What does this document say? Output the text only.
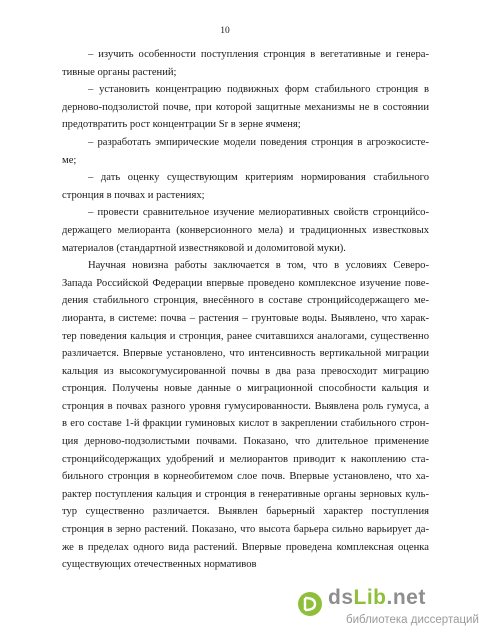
10
– изучить особенности поступления стронция в вегетативные и генера-
тивные органы растений;
– установить концентрацию подвижных форм стабильного стронция в
дерново-подзолистой почве, при которой защитные механизмы не в состоянии
предотвратить рост концентрации Sr в зерне ячменя;
– разработать эмпирические модели поведения стронция в агроэкосисте-
ме;
– дать оценку существующим критериям нормирования стабильного
стронция в почвах и растениях;
– провести сравнительное изучение мелиоративных свойств стронцийсо-
держащего мелиоранта (конверсионного мела) и традиционных известковых
материалов (стандартной известняковой и доломитовой муки).
Научная новизна работы заключается в том, что в условиях Северо-
Запада Российской Федерации впервые проведено комплексное изучение пове-
дения стабильного стронция, внесённого в составе стронцийсодержащего ме-
лиоранта, в системе: почва – растения – грунтовые воды. Выявлено, что харак-
тер поведения кальция и стронция, ранее считавшихся аналогами, существенно
различается. Впервые установлено, что интенсивность вертикальной миграции
кальция из высокогумусированной почвы в два раза превосходит миграцию
стронция. Получены новые данные о миграционной способности кальция и
стронция в почвах разного уровня гумусированности. Выявлена роль гумуса, а
в его составе 1-й фракции гуминовых кислот в закреплении стабильного строн-
ция дерново-подзолистыми почвами. Показано, что длительное применение
стронцийсодержащих удобрений и мелиорантов приводит к накоплению ста-
бильного стронция в корнеобитемом слое почв. Впервые установлено, что ха-
рактер поступления кальция и стронция в генеративные органы зерновых куль-
тур существенно различается. Выявлен барьерный характер поступления
стронция в зерно растений. Показано, что высота барьера сильно варьирует да-
же в пределах одного вида растений. Впервые проведена комплексная оценка
существующих отечественных нормативов
dsLib.net
библиотека диссертаций
